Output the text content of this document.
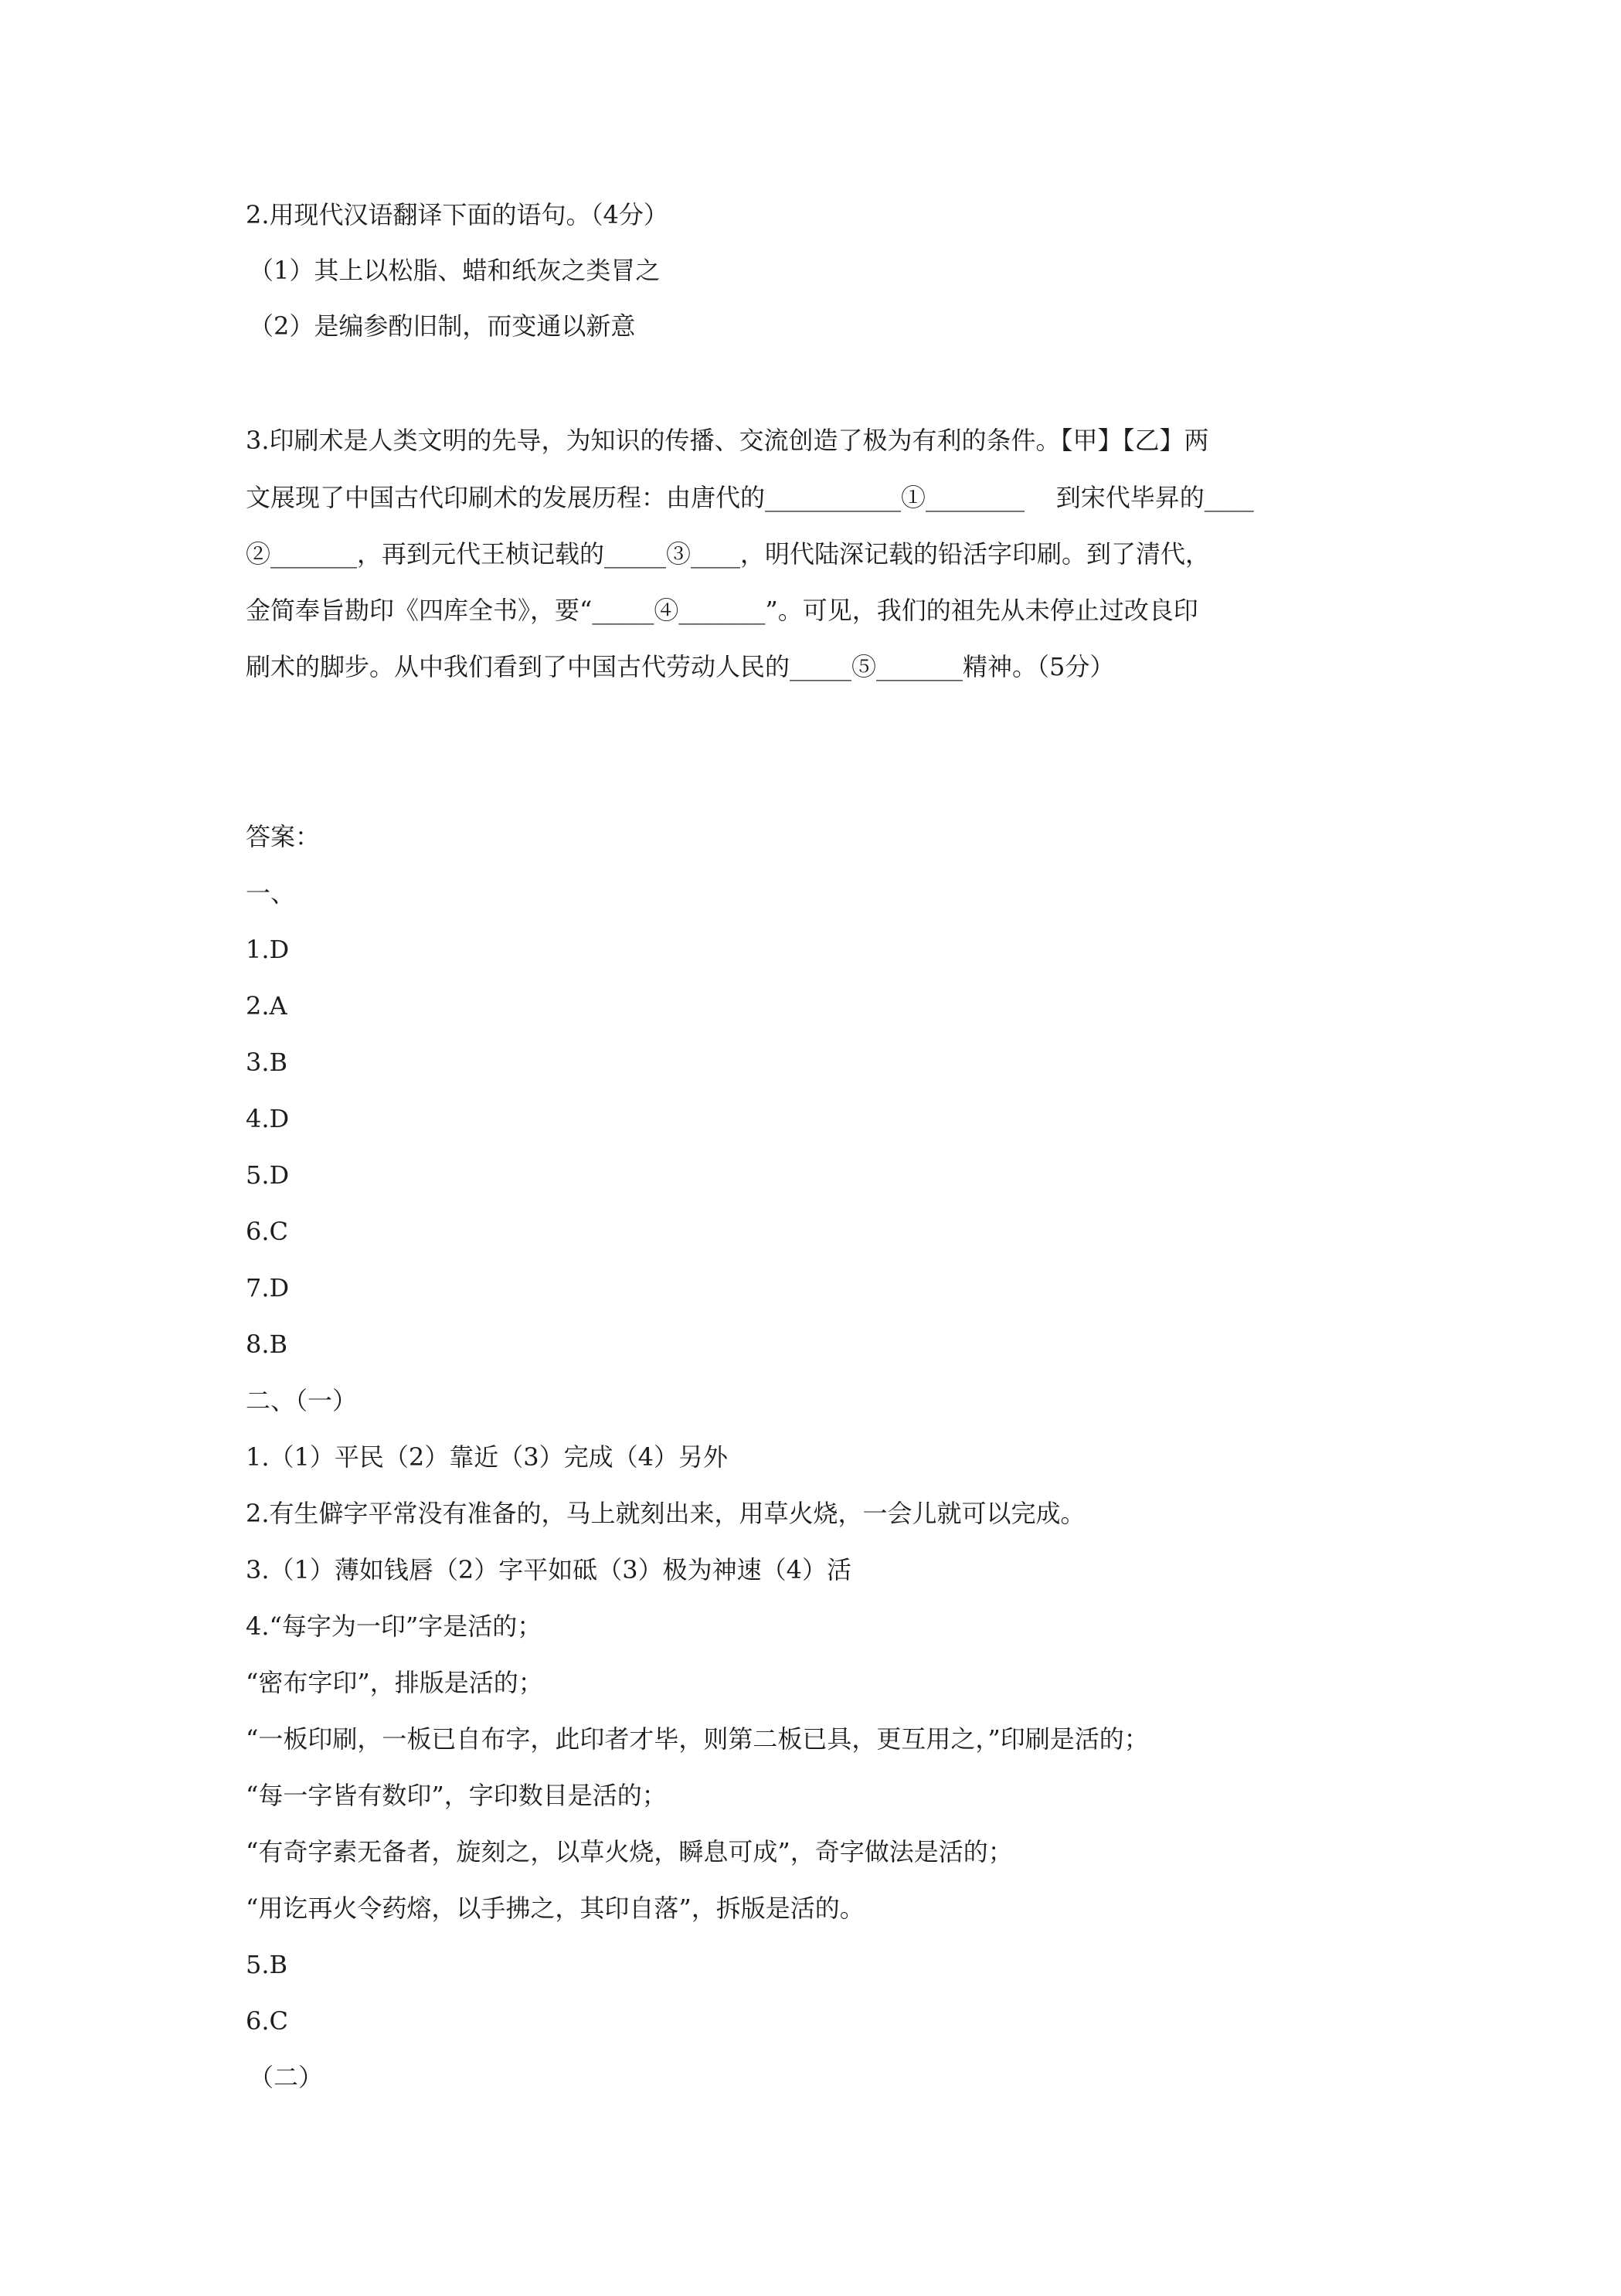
2.用现代汉语翻译下面的语句。（4分）

（1）其上以松脂、蜡和纸灰之类冒之

（2）是编参酌旧制，而变通以新意

3.印刷术是人类文明的先导，为知识的传播、交流创造了极为有利的条件。【甲】【乙】两

文展现了中国古代印刷术的发展历程：由唐代的___________①________    到宋代毕昇的____

②_______，再到元代王桢记载的_____③____，明代陆深记载的铅活字印刷。到了清代，

金简奉旨勘印《四库全书》，要“_____④_______”。可见，我们的祖先从未停止过改良印

刷术的脚步。从中我们看到了中国古代劳动人民的_____⑤_______精神。（5分）

答案：

一、

1.D

2.A

3.B

4.D

5.D

6.C

7.D

8.B

二、（一）

1.（1）平民（2）靠近（3）完成（4）另外

2.有生僻字平常没有准备的，马上就刻出来，用草火烧，一会儿就可以完成。

3.（1）薄如钱唇（2）字平如砥（3）极为神速（4）活

4.“每字为一印”字是活的；

“密布字印”，排版是活的；

“一板印刷，一板已自布字，此印者才毕，则第二板已具，更互用之，”印刷是活的；

“每一字皆有数印”，字印数目是活的；

“有奇字素无备者，旋刻之，以草火烧，瞬息可成”，奇字做法是活的；

“用讫再火令药熔，以手拂之，其印自落”，拆版是活的。

5.B

6.C

（二）
